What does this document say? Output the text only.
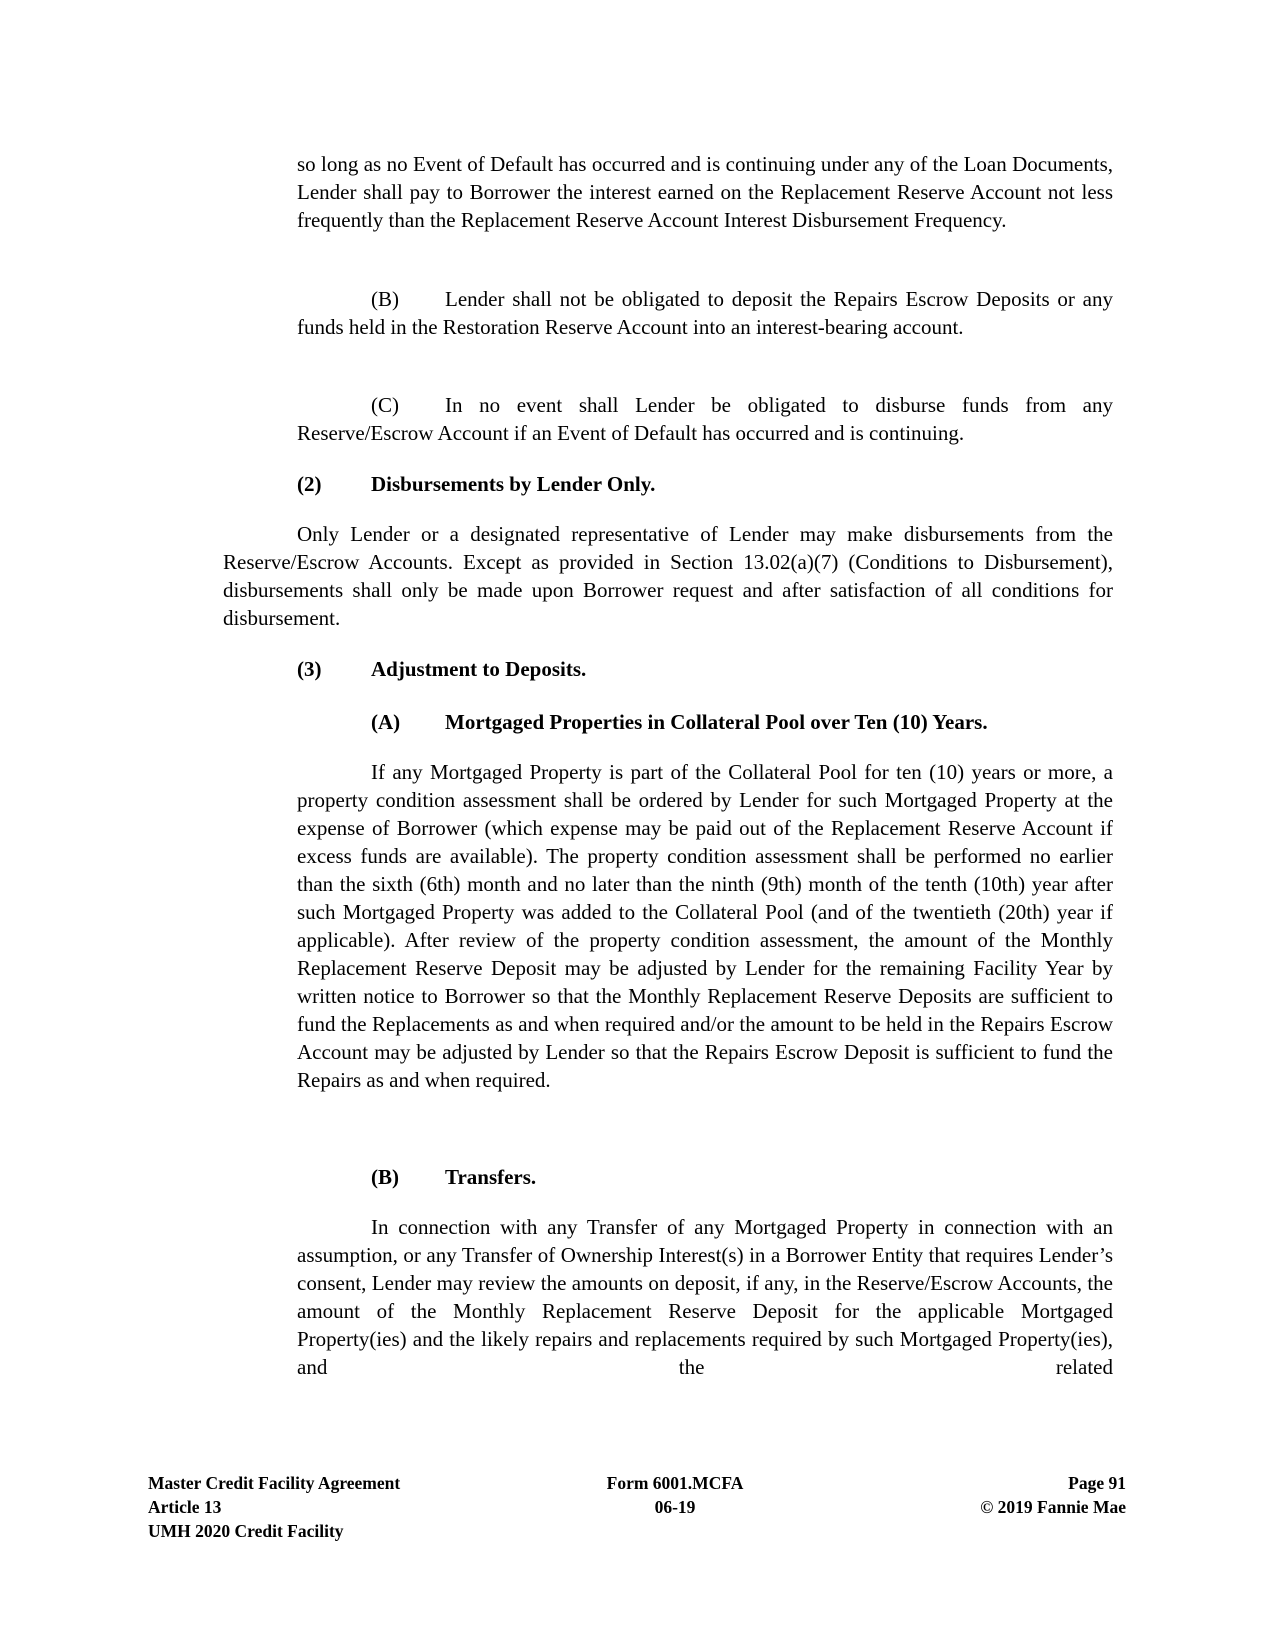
so long as no Event of Default has occurred and is continuing under any of the Loan Documents, Lender shall pay to Borrower the interest earned on the Replacement Reserve Account not less frequently than the Replacement Reserve Account Interest Disbursement Frequency.

(B)	Lender shall not be obligated to deposit the Repairs Escrow Deposits or any funds held in the Restoration Reserve Account into an interest-bearing account.
(C)	In no event shall Lender be obligated to disburse funds from any Reserve/Escrow Account if an Event of Default has occurred and is continuing.
(2) Disbursements by Lender Only.

Only Lender or a designated representative of Lender may make disbursements from the Reserve/Escrow Accounts. Except as provided in Section 13.02(a)(7) (Conditions to Disbursement), disbursements shall only be made upon Borrower request and after satisfaction of all conditions for disbursement.

(3) Adjustment to Deposits.
(A) Mortgaged Properties in Collateral Pool over Ten (10) Years.

If any Mortgaged Property is part of the Collateral Pool for ten (10) years or more, a property condition assessment shall be ordered by Lender for such Mortgaged Property at the expense of Borrower (which expense may be paid out of the Replacement Reserve Account if excess funds are available). The property condition assessment shall be performed no earlier than the sixth (6th) month and no later than the ninth (9th) month of the tenth (10th) year after such Mortgaged Property was added to the Collateral Pool (and of the twentieth (20th) year if applicable). After review of the property condition assessment, the amount of the Monthly Replacement Reserve Deposit may be adjusted by Lender for the remaining Facility Year by written notice to Borrower so that the Monthly Replacement Reserve Deposits are sufficient to fund the Replacements as and when required and/or the amount to be held in the Repairs Escrow Account may be adjusted by Lender so that the Repairs Escrow Deposit is sufficient to fund the Repairs as and when required.

(B) Transfers.

In connection with any Transfer of any Mortgaged Property in connection with an assumption, or any Transfer of Ownership Interest(s) in a Borrower Entity that requires Lender’s consent, Lender may review the amounts on deposit, if any, in the Reserve/Escrow Accounts, the amount of the Monthly Replacement Reserve Deposit for the applicable Mortgaged Property(ies) and the likely repairs and replacements required by such Mortgaged Property(ies), and the related

Master Credit Facility Agreement
Article 13
UMH 2020 Credit Facility
Form 6001.MCFA
06-19
Page 91
© 2019 Fannie Mae
